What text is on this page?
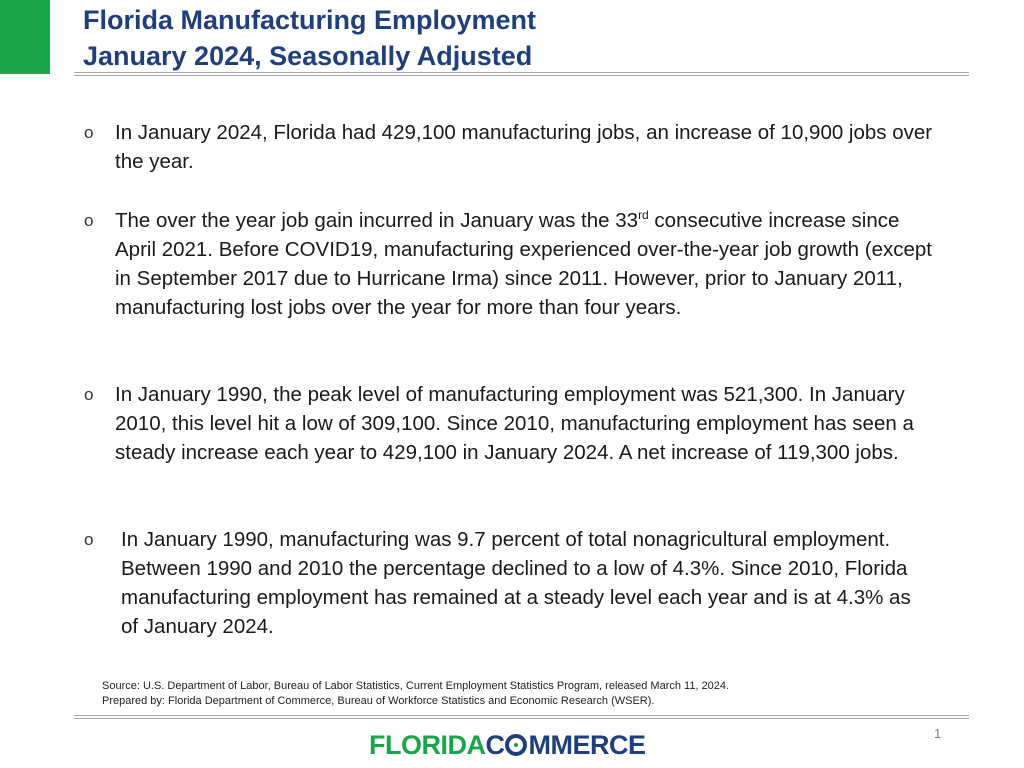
Florida Manufacturing Employment
January 2024, Seasonally Adjusted
o In January 2024, Florida had 429,100 manufacturing jobs, an increase of 10,900 jobs over the year.
o The over the year job gain incurred in January was the 33rd consecutive increase since April 2021. Before COVID19, manufacturing experienced over-the-year job growth (except in September 2017 due to Hurricane Irma) since 2011. However, prior to January 2011, manufacturing lost jobs over the year for more than four years.
o In January 1990, the peak level of manufacturing employment was 521,300. In January 2010, this level hit a low of 309,100. Since 2010, manufacturing employment has seen a steady increase each year to 429,100 in January 2024. A net increase of 119,300 jobs.
o In January 1990, manufacturing was 9.7 percent of total nonagricultural employment. Between 1990 and 2010 the percentage declined to a low of 4.3%. Since 2010, Florida manufacturing employment has remained at a steady level each year and is at 4.3% as of January 2024.
Source: U.S. Department of Labor, Bureau of Labor Statistics, Current Employment Statistics Program, released March 11, 2024.
Prepared by: Florida Department of Commerce, Bureau of Workforce Statistics and Economic Research (WSER).
1
FLORIDAC MMERCE
